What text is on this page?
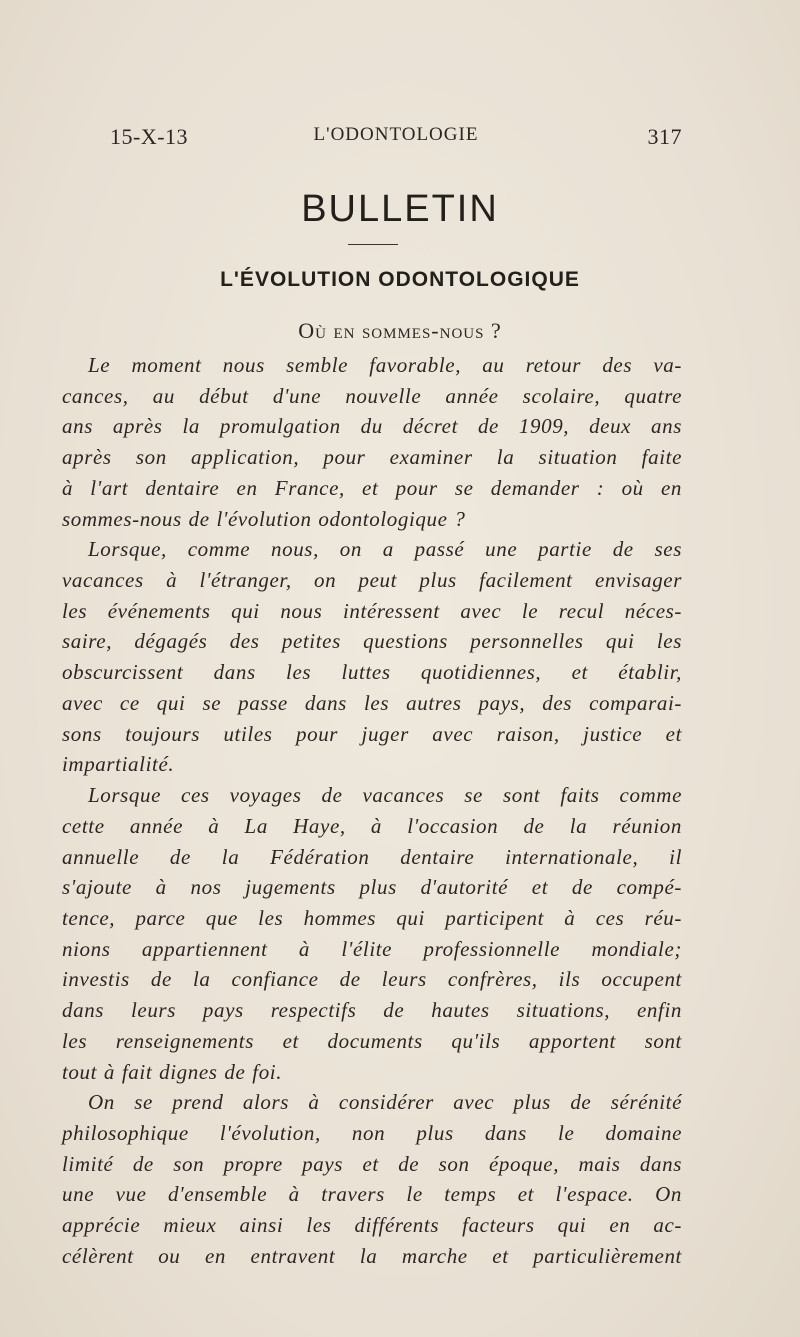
15-X-13	L'ODONTOLOGIE	317
BULLETIN
L'ÉVOLUTION ODONTOLOGIQUE
Où en sommes-nous ?
Le moment nous semble favorable, au retour des va-
cances, au début d'une nouvelle année scolaire, quatre
ans après la promulgation du décret de 1909, deux ans
après son application, pour examiner la situation faite
à l'art dentaire en France, et pour se demander : où en
sommes-nous de l'évolution odontologique ?
Lorsque, comme nous, on a passé une partie de ses
vacances à l'étranger, on peut plus facilement envisager
les événements qui nous intéressent avec le recul néces-
saire, dégagés des petites questions personnelles qui les
obscurcissent dans les luttes quotidiennes, et établir,
avec ce qui se passe dans les autres pays, des comparai-
sons toujours utiles pour juger avec raison, justice et
impartialité.
Lorsque ces voyages de vacances se sont faits comme
cette année à La Haye, à l'occasion de la réunion
annuelle de la Fédération dentaire internationale, il
s'ajoute à nos jugements plus d'autorité et de compé-
tence, parce que les hommes qui participent à ces réu-
nions appartiennent à l'élite professionnelle mondiale;
investis de la confiance de leurs confrères, ils occupent
dans leurs pays respectifs de hautes situations, enfin
les renseignements et documents qu'ils apportent sont
tout à fait dignes de foi.
On se prend alors à considérer avec plus de sérénité
philosophique l'évolution, non plus dans le domaine
limité de son propre pays et de son époque, mais dans
une vue d'ensemble à travers le temps et l'espace. On
apprécie mieux ainsi les différents facteurs qui en ac-
célèrent ou en entravent la marche et particulièrement
